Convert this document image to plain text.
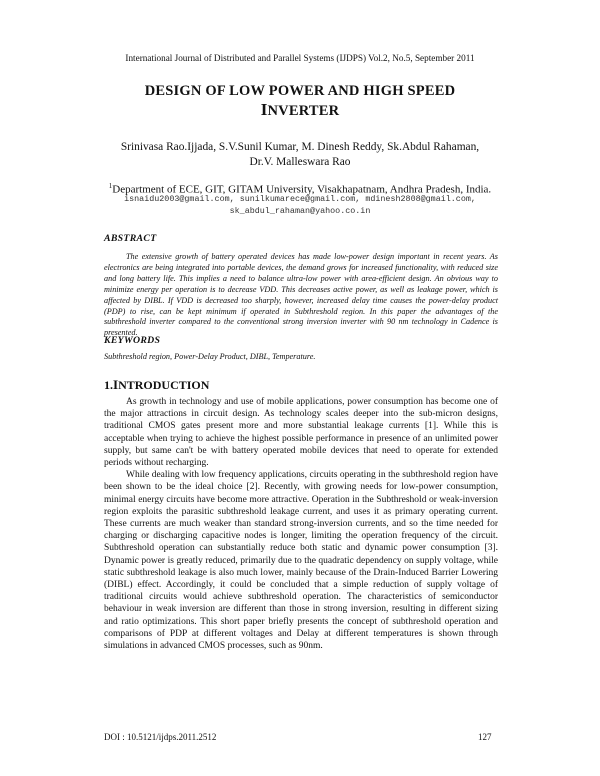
International Journal of Distributed and Parallel Systems (IJDPS) Vol.2, No.5, September 2011
DESIGN OF LOW POWER AND HIGH SPEED
INVERTER
Srinivasa Rao.Ijjada, S.V.Sunil Kumar, M. Dinesh Reddy, Sk.Abdul Rahaman,
Dr.V. Malleswara Rao
$^1$Department of ECE, GIT, GITAM University, Visakhapatnam, Andhra Pradesh, India.
isnaidu2003@gmail.com, sunilkumarece@gmail.com, mdinesh2808@gmail.com,
sk_abdul_rahaman@yahoo.co.in
ABSTRACT
The extensive growth of battery operated devices has made low-power design important in recent years. As electronics are being integrated into portable devices, the demand grows for increased functionality, with reduced size and long battery life. This implies a need to balance ultra-low power with area-efficient design. An obvious way to minimize energy per operation is to decrease VDD. This decreases active power, as well as leakage power, which is affected by DIBL. If VDD is decreased too sharply, however, increased delay time causes the power-delay product (PDP) to rise, can be kept minimum if operated in Subthreshold region. In this paper the advantages of the subthreshold inverter compared to the conventional strong inversion inverter with 90 nm technology in Cadence is presented.
KEYWORDS
Subthreshold region, Power-Delay Product, DIBL, Temperature.
1.INTRODUCTION

As growth in technology and use of mobile applications, power consumption has become one of the major attractions in circuit design. As technology scales deeper into the sub-micron designs, traditional CMOS gates present more and more substantial leakage currents [1]. While this is acceptable when trying to achieve the highest possible performance in presence of an unlimited power supply, but same can't be with battery operated mobile devices that need to operate for extended periods without recharging.

While dealing with low frequency applications, circuits operating in the subthreshold region have been shown to be the ideal choice [2]. Recently, with growing needs for low-power consumption, minimal energy circuits have become more attractive. Operation in the Subthreshold or weak-inversion region exploits the parasitic subthreshold leakage current, and uses it as primary operating current. These currents are much weaker than standard strong-inversion currents, and so the time needed for charging or discharging capacitive nodes is longer, limiting the operation frequency of the circuit. Subthreshold operation can substantially reduce both static and dynamic power consumption [3]. Dynamic power is greatly reduced, primarily due to the quadratic dependency on supply voltage, while static subthreshold leakage is also much lower, mainly because of the Drain-Induced Barrier Lowering (DIBL) effect. Accordingly, it could be concluded that a simple reduction of supply voltage of traditional circuits would achieve subthreshold operation. The characteristics of semiconductor behaviour in weak inversion are different than those in strong inversion, resulting in different sizing and ratio optimizations. This short paper briefly presents the concept of subthreshold operation and comparisons of PDP at different voltages and Delay at different temperatures is shown through simulations in advanced CMOS processes, such as 90nm.

DOI : 10.5121/ijdps.2011.2512	127
